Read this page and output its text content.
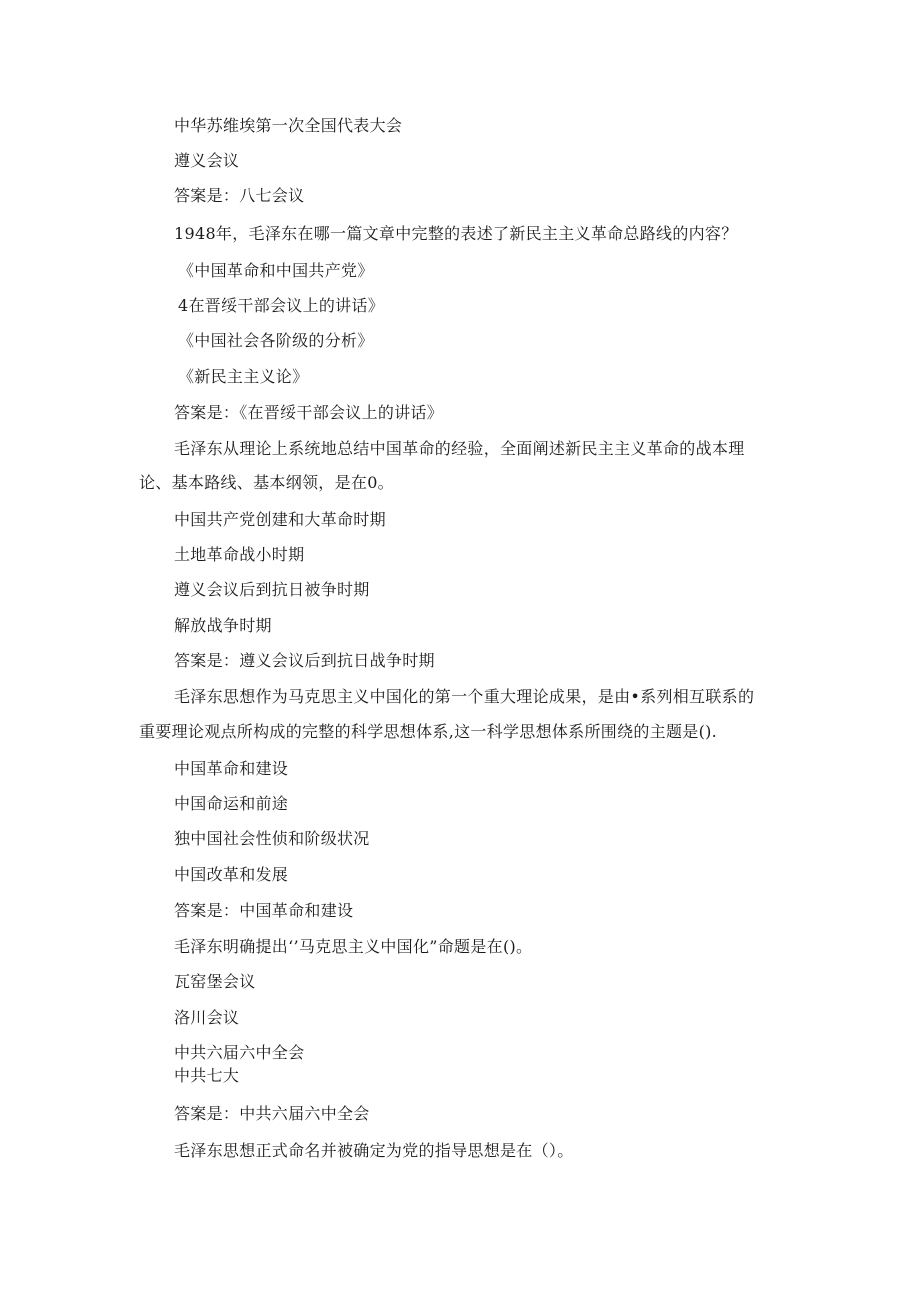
中华苏维埃第一次全国代表大会
遵义会议
答案是：八七会议
1948年，毛泽东在哪一篇文章中完整的表述了新民主主义革命总路线的内容？
《中国革命和中国共产党》
4在晋绥干部会议上的讲话》
《中国社会各阶级的分析》
《新民主主义论》
答案是：《在晋绥干部会议上的讲话》
毛泽东从理论上系统地总结中国革命的经验，全面阐述新民主主义革命的战本理
论、基本路线、基本纲领，是在0。
中国共产党创建和大革命时期
土地革命战小时期
遵义会议后到抗日被争时期
解放战争时期
答案是：遵义会议后到抗日战争时期
毛泽东思想作为马克思主义中国化的第一个重大理论成果，是由•系列相互联系的
重要理论观点所构成的完整的科学思想体系,这一科学思想体系所围绕的主题是().
中国革命和建设
中国命运和前途
独中国社会性侦和阶级状况
中国改革和发展
答案是：中国革命和建设
毛泽东明确提出‘’马克思主义中国化”命题是在()。
瓦窑堡会议
洛川会议
中共六届六中全会
中共七大
答案是：中共六届六中全会
毛泽东思想正式命名并被确定为党的指导思想是在（）。
